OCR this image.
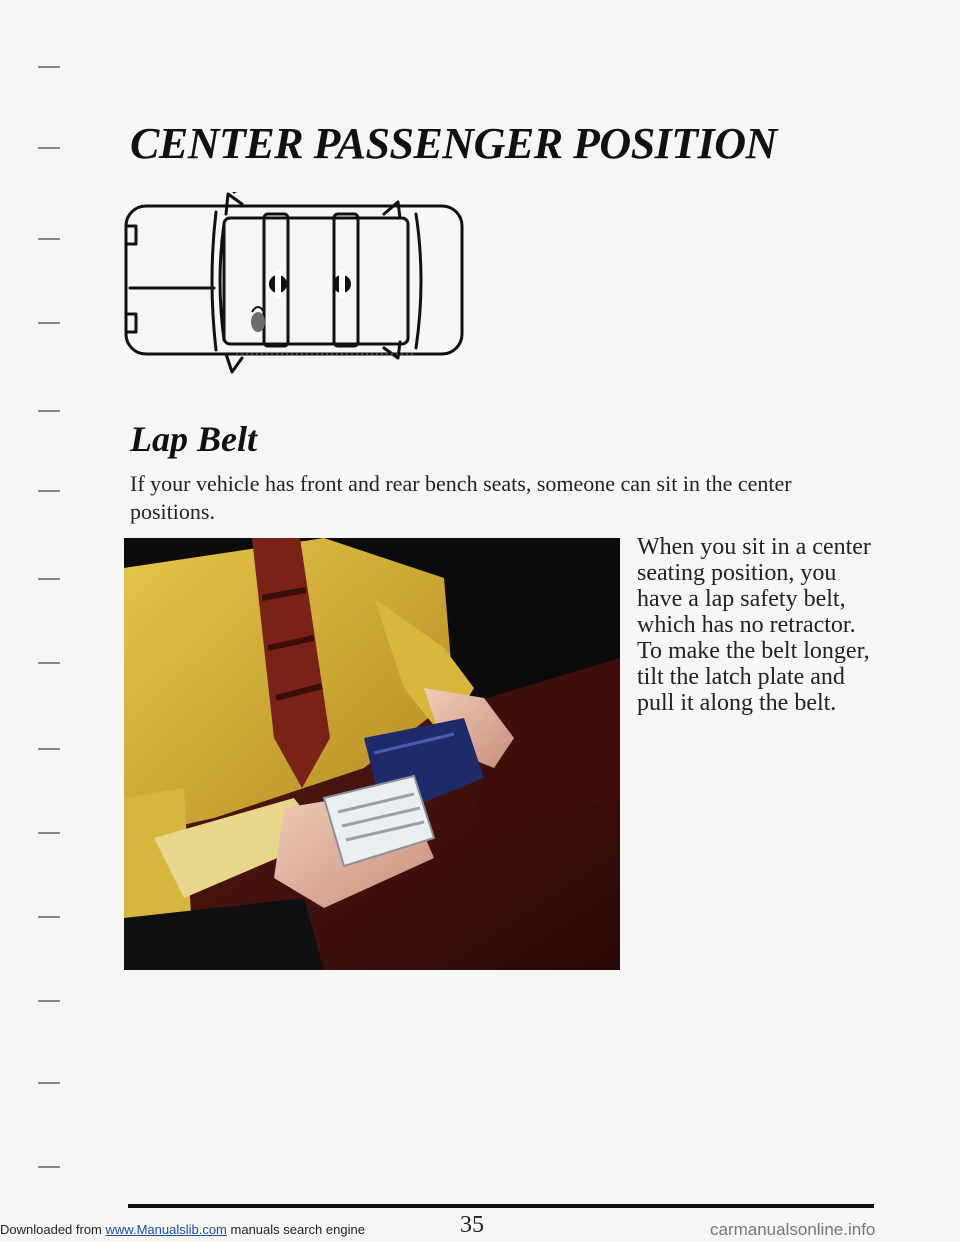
CENTER PASSENGER POSITION
Lap Belt

If your vehicle has front and rear bench seats, someone can sit in the center positions.

When you sit in a center seating position, you have a lap safety belt, which has no retractor. To make the belt longer, tilt the latch plate and pull it along the belt.

35
Downloaded from www.Manualslib.com manuals search engine	carmanualsonline.info
